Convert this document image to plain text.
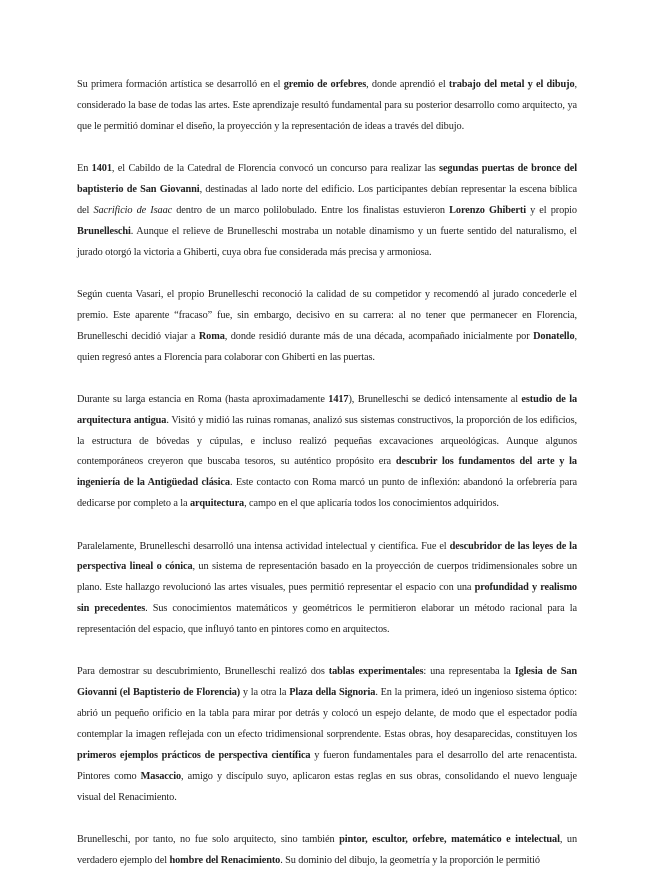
Su primera formación artística se desarrolló en el gremio de orfebres, donde aprendió el trabajo del metal y el dibujo, considerado la base de todas las artes. Este aprendizaje resultó fundamental para su posterior desarrollo como arquitecto, ya que le permitió dominar el diseño, la proyección y la representación de ideas a través del dibujo.

En 1401, el Cabildo de la Catedral de Florencia convocó un concurso para realizar las segundas puertas de bronce del baptisterio de San Giovanni, destinadas al lado norte del edificio. Los participantes debían representar la escena bíblica del Sacrificio de Isaac dentro de un marco polilobulado. Entre los finalistas estuvieron Lorenzo Ghiberti y el propio Brunelleschi. Aunque el relieve de Brunelleschi mostraba un notable dinamismo y un fuerte sentido del naturalismo, el jurado otorgó la victoria a Ghiberti, cuya obra fue considerada más precisa y armoniosa.

Según cuenta Vasari, el propio Brunelleschi reconoció la calidad de su competidor y recomendó al jurado concederle el premio. Este aparente “fracaso” fue, sin embargo, decisivo en su carrera: al no tener que permanecer en Florencia, Brunelleschi decidió viajar a Roma, donde residió durante más de una década, acompañado inicialmente por Donatello, quien regresó antes a Florencia para colaborar con Ghiberti en las puertas.

Durante su larga estancia en Roma (hasta aproximadamente 1417), Brunelleschi se dedicó intensamente al estudio de la arquitectura antigua. Visitó y midió las ruinas romanas, analizó sus sistemas constructivos, la proporción de los edificios, la estructura de bóvedas y cúpulas, e incluso realizó pequeñas excavaciones arqueológicas. Aunque algunos contemporáneos creyeron que buscaba tesoros, su auténtico propósito era descubrir los fundamentos del arte y la ingeniería de la Antigüedad clásica. Este contacto con Roma marcó un punto de inflexión: abandonó la orfebrería para dedicarse por completo a la arquitectura, campo en el que aplicaría todos los conocimientos adquiridos.

Paralelamente, Brunelleschi desarrolló una intensa actividad intelectual y científica. Fue el descubridor de las leyes de la perspectiva lineal o cónica, un sistema de representación basado en la proyección de cuerpos tridimensionales sobre un plano. Este hallazgo revolucionó las artes visuales, pues permitió representar el espacio con una profundidad y realismo sin precedentes. Sus conocimientos matemáticos y geométricos le permitieron elaborar un método racional para la representación del espacio, que influyó tanto en pintores como en arquitectos.

Para demostrar su descubrimiento, Brunelleschi realizó dos tablas experimentales: una representaba la Iglesia de San Giovanni (el Baptisterio de Florencia) y la otra la Plaza della Signoria. En la primera, ideó un ingenioso sistema óptico: abrió un pequeño orificio en la tabla para mirar por detrás y colocó un espejo delante, de modo que el espectador podía contemplar la imagen reflejada con un efecto tridimensional sorprendente. Estas obras, hoy desaparecidas, constituyen los primeros ejemplos prácticos de perspectiva científica y fueron fundamentales para el desarrollo del arte renacentista. Pintores como Masaccio, amigo y discípulo suyo, aplicaron estas reglas en sus obras, consolidando el nuevo lenguaje visual del Renacimiento.

Brunelleschi, por tanto, no fue solo arquitecto, sino también pintor, escultor, orfebre, matemático e intelectual, un verdadero ejemplo del hombre del Renacimiento. Su dominio del dibujo, la geometría y la proporción le permitió
